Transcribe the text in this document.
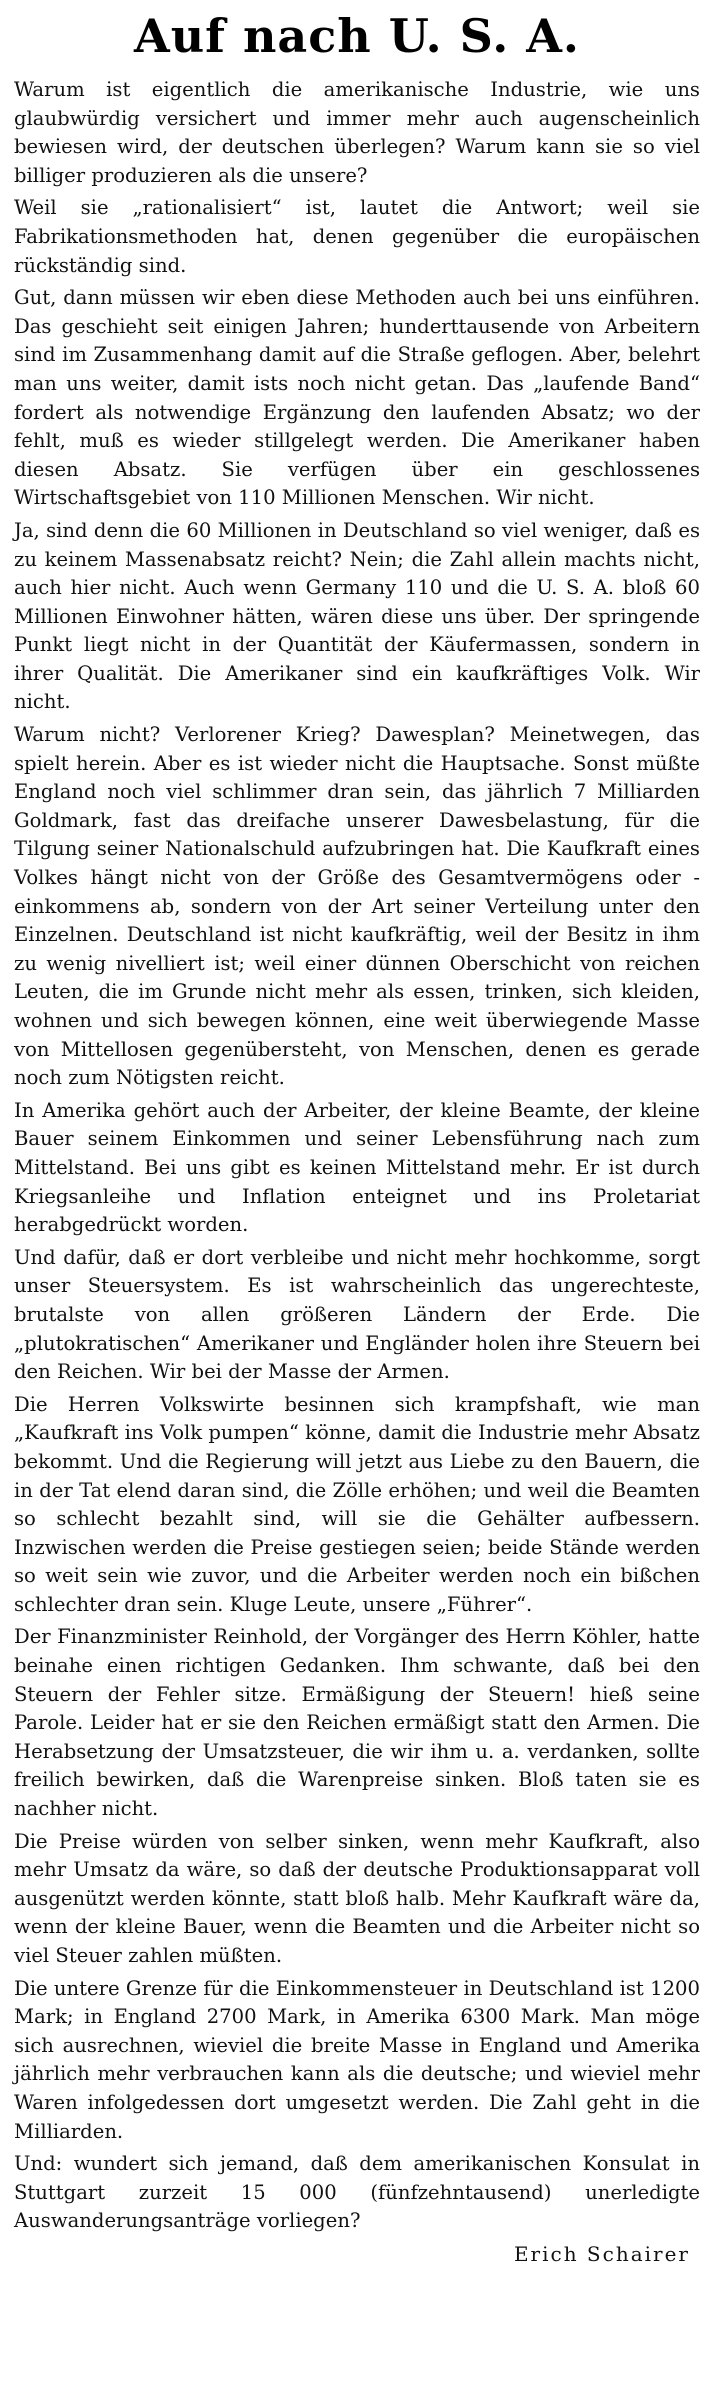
Auf nach U. S. A.

Warum ist eigentlich die amerikanische Industrie, wie uns glaubwürdig versichert und immer mehr auch augenscheinlich bewiesen wird, der deutschen überlegen? Warum kann sie so viel billiger produzieren als die unsere?

Weil sie „rationalisiert“ ist, lautet die Antwort; weil sie Fabrikationsmethoden hat, denen gegenüber die europäischen rückständig sind.

Gut, dann müssen wir eben diese Methoden auch bei uns einführen. Das geschieht seit einigen Jahren; hunderttausende von Arbeitern sind im Zusammenhang damit auf die Straße geflogen. Aber, belehrt man uns weiter, damit ists noch nicht getan. Das „laufende Band“ fordert als notwendige Ergänzung den laufenden Absatz; wo der fehlt, muß es wieder stillgelegt werden. Die Amerikaner haben diesen Absatz. Sie verfügen über ein geschlossenes Wirtschaftsgebiet von 110 Millionen Menschen. Wir nicht.

Ja, sind denn die 60 Millionen in Deutschland so viel weniger, daß es zu keinem Massenabsatz reicht? Nein; die Zahl allein machts nicht, auch hier nicht. Auch wenn Germany 110 und die U. S. A. bloß 60 Millionen Einwohner hätten, wären diese uns über. Der springende Punkt liegt nicht in der Quantität der Käufermassen, sondern in ihrer Qualität. Die Amerikaner sind ein kaufkräftiges Volk. Wir nicht.

Warum nicht? Verlorener Krieg? Dawesplan? Meinetwegen, das spielt herein. Aber es ist wieder nicht die Hauptsache. Sonst müßte England noch viel schlimmer dran sein, das jährlich 7 Milliarden Goldmark, fast das dreifache unserer Dawesbelastung, für die Tilgung seiner Nationalschuld aufzubringen hat. Die Kaufkraft eines Volkes hängt nicht von der Größe des Gesamtvermögens oder -einkommens ab, sondern von der Art seiner Verteilung unter den Einzelnen. Deutschland ist nicht kaufkräftig, weil der Besitz in ihm zu wenig nivelliert ist; weil einer dünnen Oberschicht von reichen Leuten, die im Grunde nicht mehr als essen, trinken, sich kleiden, wohnen und sich bewegen können, eine weit überwiegende Masse von Mittellosen gegenübersteht, von Menschen, denen es gerade noch zum Nötigsten reicht.

In Amerika gehört auch der Arbeiter, der kleine Beamte, der kleine Bauer seinem Einkommen und seiner Lebensführung nach zum Mittelstand. Bei uns gibt es keinen Mittelstand mehr. Er ist durch Kriegsanleihe und Inflation enteignet und ins Proletariat herabgedrückt worden.

Und dafür, daß er dort verbleibe und nicht mehr hochkomme, sorgt unser Steuersystem. Es ist wahrscheinlich das ungerechteste, brutalste von allen größeren Ländern der Erde. Die „plutokratischen“ Amerikaner und Engländer holen ihre Steuern bei den Reichen. Wir bei der Masse der Armen.

Die Herren Volkswirte besinnen sich krampfshaft, wie man „Kaufkraft ins Volk pumpen“ könne, damit die Industrie mehr Absatz bekommt. Und die Regierung will jetzt aus Liebe zu den Bauern, die in der Tat elend daran sind, die Zölle erhöhen; und weil die Beamten so schlecht bezahlt sind, will sie die Gehälter aufbessern. Inzwischen werden die Preise gestiegen seien; beide Stände werden so weit sein wie zuvor, und die Arbeiter werden noch ein bißchen schlechter dran sein. Kluge Leute, unsere „Führer“.

Der Finanzminister Reinhold, der Vorgänger des Herrn Köhler, hatte beinahe einen richtigen Gedanken. Ihm schwante, daß bei den Steuern der Fehler sitze. Ermäßigung der Steuern! hieß seine Parole. Leider hat er sie den Reichen ermäßigt statt den Armen. Die Herabsetzung der Umsatzsteuer, die wir ihm u. a. verdanken, sollte freilich bewirken, daß die Warenpreise sinken. Bloß taten sie es nachher nicht.

Die Preise würden von selber sinken, wenn mehr Kaufkraft, also mehr Umsatz da wäre, so daß der deutsche Produktionsapparat voll ausgenützt werden könnte, statt bloß halb. Mehr Kaufkraft wäre da, wenn der kleine Bauer, wenn die Beamten und die Arbeiter nicht so viel Steuer zahlen müßten.

Die untere Grenze für die Einkommensteuer in Deutschland ist 1200 Mark; in England 2700 Mark, in Amerika 6300 Mark. Man möge sich ausrechnen, wieviel die breite Masse in England und Amerika jährlich mehr verbrauchen kann als die deutsche; und wieviel mehr Waren infolgedessen dort umgesetzt werden. Die Zahl geht in die Milliarden.

Und: wundert sich jemand, daß dem amerikanischen Konsulat in Stuttgart zurzeit 15 000 (fünfzehntausend) unerledigte Auswanderungsanträge vorliegen?

Erich Schairer
